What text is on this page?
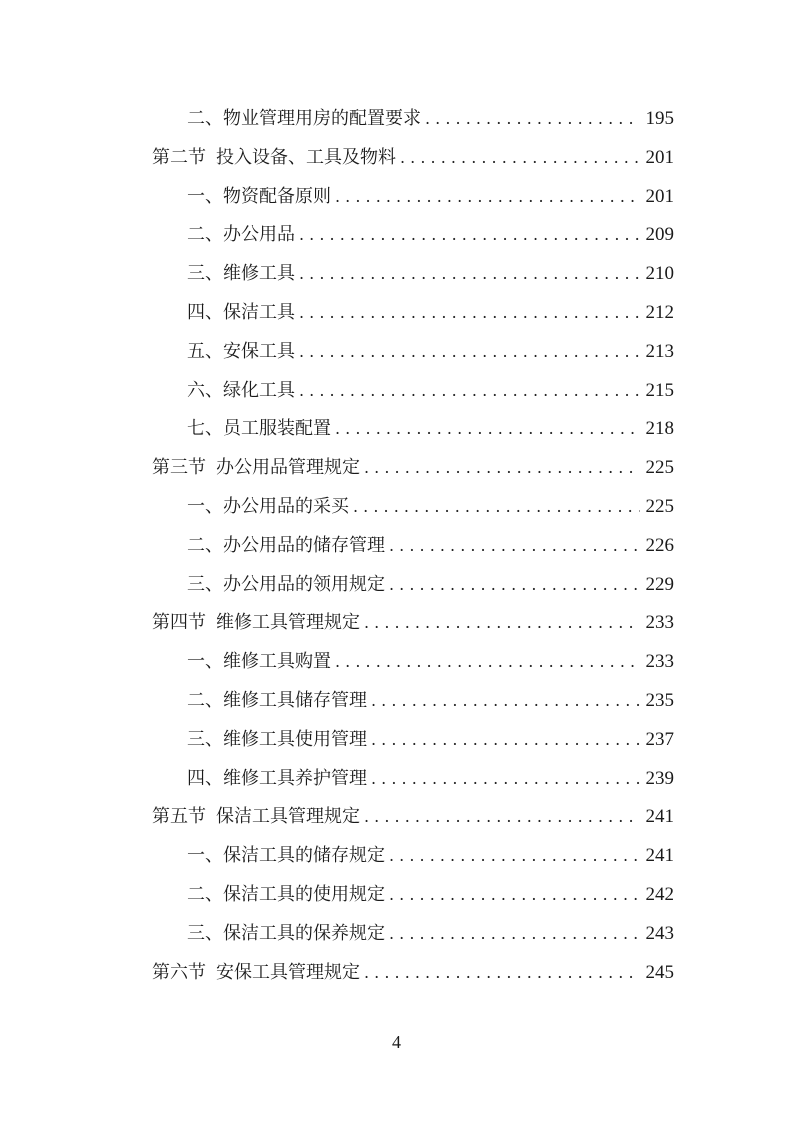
二、物业管理用房的配置要求 . . .	195
第二节 投入设备、工具及物料 . . .	201
一、物资配备原则 . . .	201
二、办公用品 . . .	209
三、维修工具 . . .	210
四、保洁工具 . . .	212
五、安保工具 . . .	213
六、绿化工具 . . .	215
七、员工服装配置 . . .	218
第三节 办公用品管理规定 . . .	225
一、办公用品的采买 . . .	225
二、办公用品的储存管理 . . .	226
三、办公用品的领用规定 . . .	229
第四节 维修工具管理规定 . . .	233
一、维修工具购置 . . .	233
二、维修工具储存管理 . . .	235
三、维修工具使用管理 . . .	237
四、维修工具养护管理 . . .	239
第五节 保洁工具管理规定 . . .	241
一、保洁工具的储存规定 . . .	241
二、保洁工具的使用规定 . . .	242
三、保洁工具的保养规定 . . .	243
第六节 安保工具管理规定 . . .	245
4
